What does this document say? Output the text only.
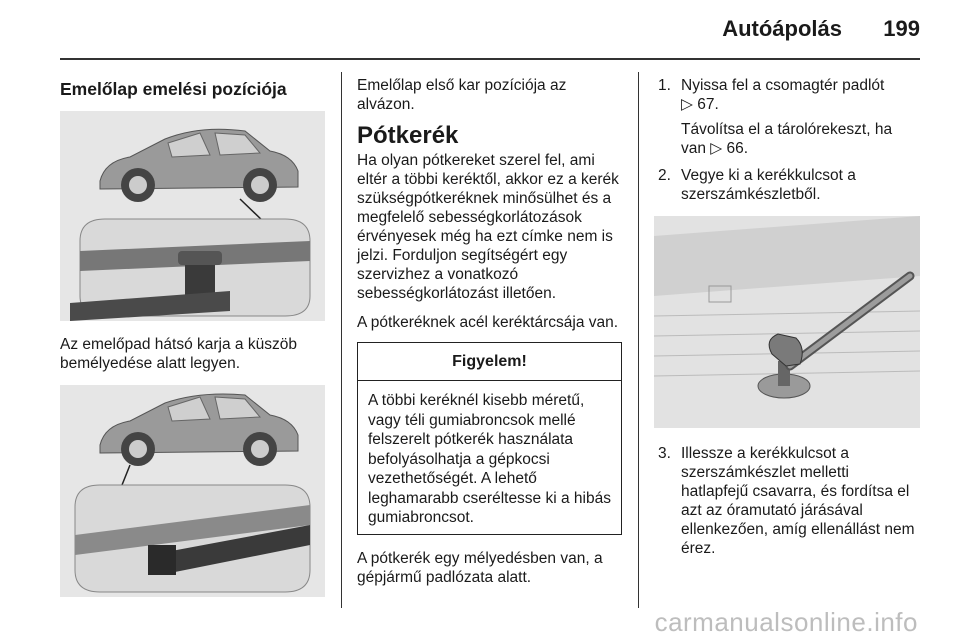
Autóápolás 199
Emelőlap emelési pozíciója

Az emelőpad hátsó karja a küszöb bemélyedése alatt legyen.

Emelőlap első kar pozíciója az alvázon.

Pótkerék

Ha olyan pótkereket szerel fel, ami eltér a többi keréktől, akkor ez a kerék szükségpótkeréknek minősülhet és a megfelelő sebességkorlátozások érvényesek még ha ezt címke nem is jelzi. Forduljon segítségért egy szervizhez a vonatkozó sebességkorlátozást illetően.

A pótkeréknek acél keréktárcsája van.

Figyelem!
A többi keréknél kisebb méretű, vagy téli gumiabroncsok mellé felszerelt pótkerék használata befolyásolhatja a gépkocsi vezethetőségét. A lehető leghamarabb cseréltesse ki a hibás gumiabroncsot.

A pótkerék egy mélyedésben van, a gépjármű padlózata alatt.

1. Nyissa fel a csomagtér padlót
▷ 67.
Távolítsa el a tárolórekeszt, ha van ▷ 66.
2. Vegye ki a kerékkulcsot a szerszámkészletből.
3. Illessze a kerékkulcsot a szerszámkészlet melletti hatlapfejű csavarra, és fordítsa el azt az óramutató járásával ellenkezően, amíg ellenállást nem érez.
carmanualsonline.info
